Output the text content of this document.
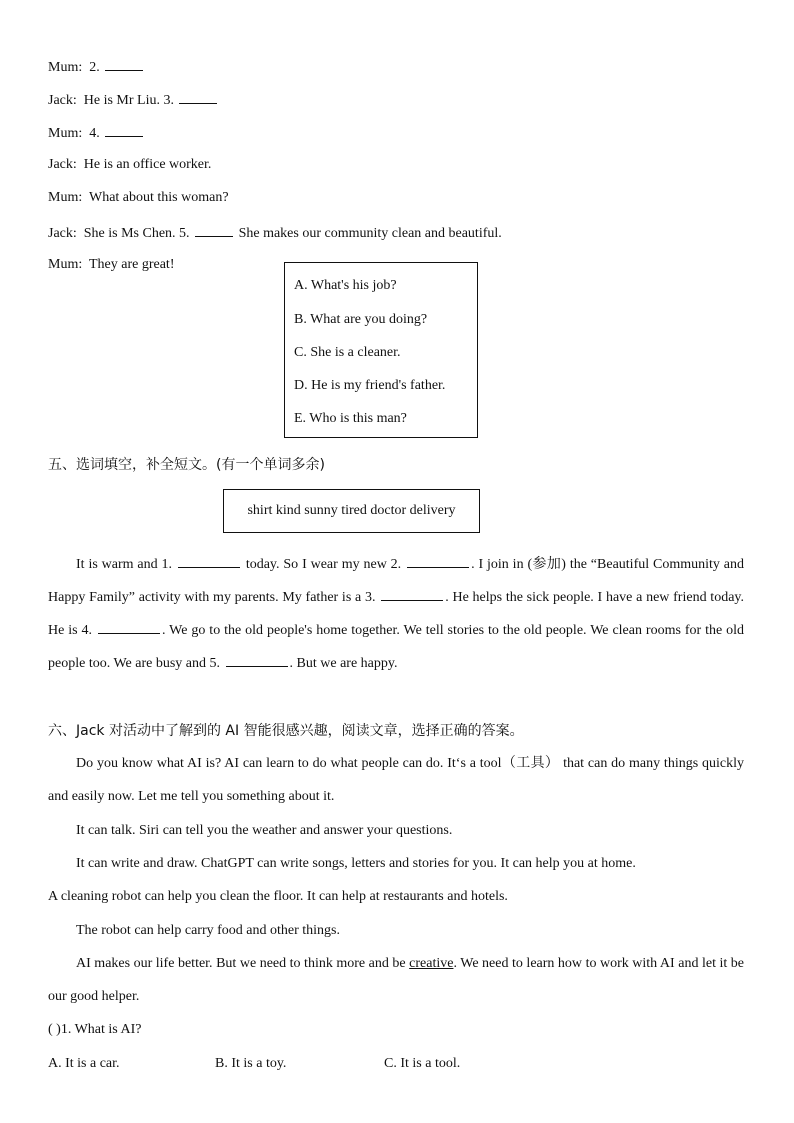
Mum: 2.
Jack: He is Mr Liu. 3.
Mum: 4.
Jack: He is an office worker.
Mum: What about this woman?
Jack: She is Ms Chen. 5.	She makes our community clean and beautiful.
Mum: They are great!
A. What's his job?
B. What are you doing?
C. She is a cleaner.
D. He is my friend's father.
E. Who is this man?
五、选词填空，补全短文。(有一个单词多余)
shirt kind sunny tired doctor delivery
It is warm and 1.	today. So I wear my new 2.	. I join in (参加) the “Beautiful Community and Happy Family” activity with my parents. My father is a 3.	. He helps the sick people. I have a new friend today. He is 4.	. We go to the old people's home together. We tell stories to the old people. We clean rooms for the old people too. We are busy and 5.	. But we are happy.
六、Jack 对活动中了解到的 AI 智能很感兴趣，阅读文章，选择正确的答案。
Do you know what AI is? AI can learn to do what people can do. It‘s a tool（工具） that can do many things quickly and easily now. Let me tell you something about it.
It can talk. Siri can tell you the weather and answer your questions.
It can write and draw. ChatGPT can write songs, letters and stories for you. It can help you at home.
A cleaning robot can help you clean the floor. It can help at restaurants and hotels.
The robot can help carry food and other things.
AI makes our life better. But we need to think more and be creative. We need to learn how to work with AI and let it be our good helper.
( )1. What is AI?
A. It is a car.	B. It is a toy.	C. It is a tool.
